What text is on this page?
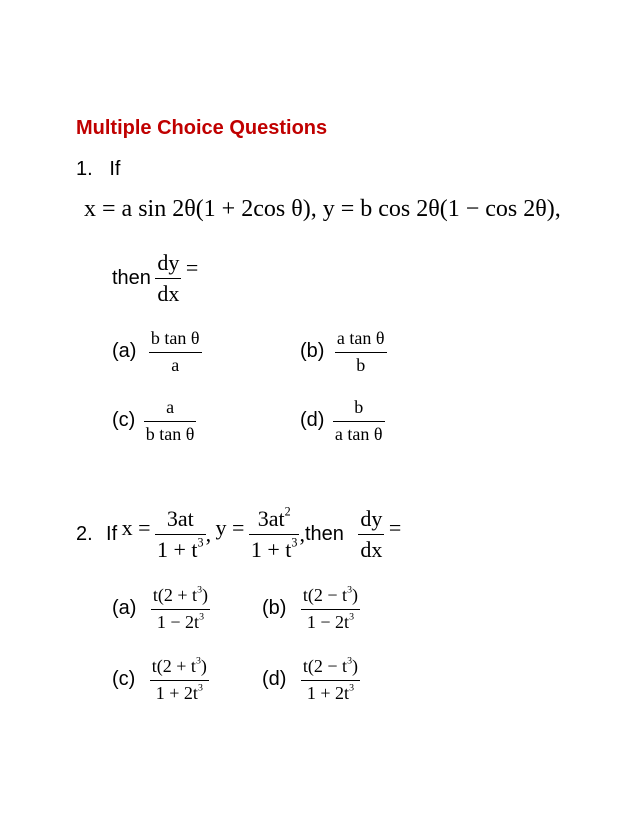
Multiple Choice Questions
1. If
x = a sin 2θ(1 + 2cos θ), y = b cos 2θ(1 − cos 2θ),
then $\frac{dy}{dx}$ =
$(a) \frac{\text{b tan θ}}{a}$	$(b) \frac{\text{a tan θ}}{b}$
$(c) \frac{a}{\text{b tan θ}}$	$(d) \frac{b}{\text{a tan θ}}$
2. If $x = \frac{3at}{1 + t^3}$ , $y = \frac{3at^2}{1 + t^3}$ ,then $\frac{dy}{dx}$ =
$(a) \frac{t(2 + t^3)}{1 - 2t^3}$	$(b) \frac{t(2 - t^3)}{1 - 2t^3}$
$(c) \frac{t(2 + t^3)}{1 + 2t^3}$	$(d) \frac{t(2 - t^3)}{1 + 2t^3}$
